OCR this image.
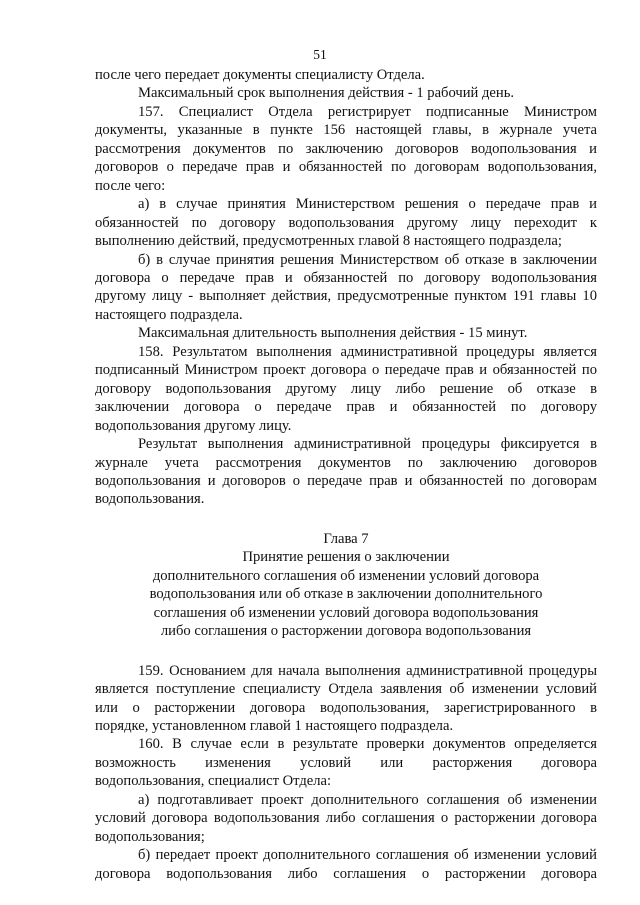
51
после чего передает документы специалисту Отдела.
Максимальный срок выполнения действия - 1 рабочий день.
157. Специалист Отдела регистрирует подписанные Министром
документы, указанные в пункте 156 настоящей главы, в журнале учета
рассмотрения документов по заключению договоров водопользования и
договоров о передаче прав и обязанностей по договорам водопользования,
после чего:
а) в случае принятия Министерством решения о передаче прав и
обязанностей по договору водопользования другому лицу переходит к
выполнению действий, предусмотренных главой 8 настоящего подраздела;
б) в случае принятия решения Министерством об отказе в заключении
договора о передаче прав и обязанностей по договору водопользования
другому лицу - выполняет действия, предусмотренные пунктом 191 главы 10
настоящего подраздела.
Максимальная длительность выполнения действия - 15 минут.
158. Результатом выполнения административной процедуры является
подписанный Министром проект договора о передаче прав и обязанностей по
договору водопользования другому лицу либо решение об отказе в
заключении договора о передаче прав и обязанностей по договору
водопользования другому лицу.
Результат выполнения административной процедуры фиксируется в
журнале учета рассмотрения документов по заключению договоров
водопользования и договоров о передаче прав и обязанностей по договорам
водопользования.
Глава 7
Принятие решения о заключении
дополнительного соглашения об изменении условий договора
водопользования или об отказе в заключении дополнительного
соглашения об изменении условий договора водопользования
либо соглашения о расторжении договора водопользования
159. Основанием для начала выполнения административной процедуры
является поступление специалисту Отдела заявления об изменении условий
или о расторжении договора водопользования, зарегистрированного в
порядке, установленном главой 1 настоящего подраздела.
160. В случае если в результате проверки документов определяется
возможность изменения условий или расторжения договора
водопользования, специалист Отдела:
а) подготавливает проект дополнительного соглашения об изменении
условий договора водопользования либо соглашения о расторжении договора
водопользования;
б) передает проект дополнительного соглашения об изменении условий
договора водопользования либо соглашения о расторжении договора
